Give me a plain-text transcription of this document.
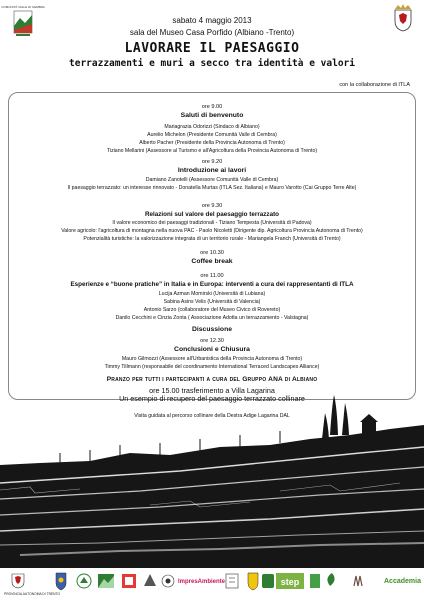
COMUNITÀ VALLE DI CEMBRA
sabato 4 maggio 2013
sala del Museo Casa Porfido (Albiano -Trento)
LAVORARE IL PAESAGGIO
terrazzamenti e muri a secco tra identità e valori
con la collaborazione di ITLA
ore 9.00
Saluti di benvenuto
Mariagrazia Odorizzi (Sindaco di Albiano)
Aurelio Michelon (Presidente Comunità Valle di Cembra)
Alberto Pacher (Presidente della Provincia Autonoma di Trento)
Tiziano Mellarini (Assessore al Turismo e all'Agricoltura della Provincia Autonoma di Trento)
ore 9.20
Introduzione ai lavori
Damiano Zanotelli (Assessore Comunità Valle di Cembra)
Il paesaggio terrazzato: un interesse rinnovato - Donatella Murtas (ITLA Sez. Italiana) e Mauro Varotto (Cai Gruppo Terre Alte)
ore 9.30
Relazioni sul valore del paesaggio terrazzato
Il valore economico dei paesaggi tradizionali - Tiziano Tempesta (Università di Padova)
Valore agricolo: l'agricoltura di montagna nella nuova PAC - Paolo Nicoletti (Dirigente dip. Agricoltura Provincia Autonoma di Trento)
Potenzialità turistiche: la valorizzazione integrata di un territorio rurale - Mariangela Franch (Università di Trento)
ore 10.30
Coffee break
ore 11.00
Esperienze e “buone pratiche” in Italia e in Europa: interventi a cura dei rappresentanti di ITLA
Lucija Azman Momirski (Università di Lubiana)
Sabina Asins Velis (Università di Valencia)
Antonio Sarzo (collaboratore del Museo Civico di Rovereto)
Danilo Cecchini e Cinzia Zonta ( Associazione Adotta un terrazzamento - Valstagna)
Discussione
ore 12.30
Conclusioni e Chiusura
Mauro Gilmozzi (Assessore all'Urbanistica della Provincia Autonoma di Trento)
Timmy Tillmann (responsabile del coordinamento International Terraced Landscapes Alliance)
Pranzo per tutti i partecipanti a cura del Gruppo ANA di Albiano
ore 15.00 trasferimento a Villa Lagarina
Un esempio di recupero del paesaggio terrazzato collinare
Visita guidata al percorso collinare della Destra Adige Lagarina DAL
PROVINCIA AUTONOMA DI TRENTO
ImpresAmbiente	step	Accademia
